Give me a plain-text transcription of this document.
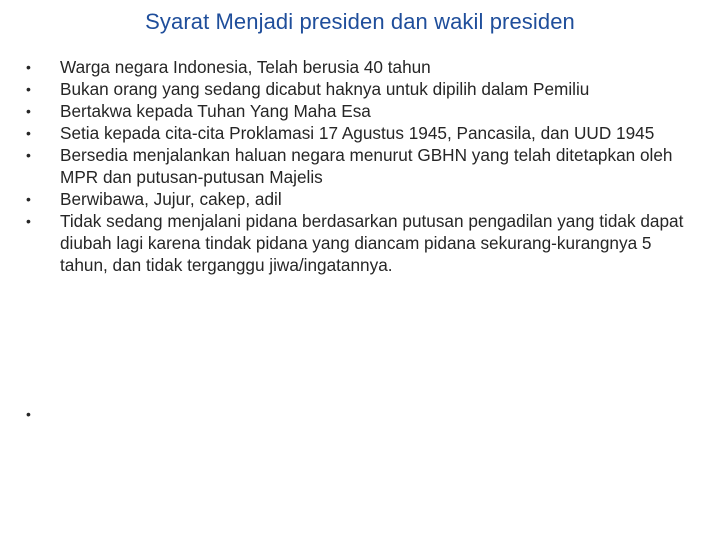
Syarat Menjadi presiden dan wakil presiden
•	Warga negara Indonesia, Telah berusia 40 tahun
•	Bukan orang yang sedang dicabut haknya untuk dipilih dalam Pemiliu
•	Bertakwa kepada Tuhan Yang Maha Esa
•	Setia kepada cita-cita Proklamasi 17 Agustus 1945, Pancasila, dan UUD 1945
•	Bersedia menjalankan haluan negara menurut GBHN yang telah ditetapkan oleh MPR dan putusan-putusan Majelis
•	Berwibawa, Jujur, cakep, adil
•	Tidak sedang menjalani pidana berdasarkan putusan pengadilan yang tidak dapat diubah lagi karena tindak pidana yang diancam pidana sekurang-kurangnya 5 tahun, dan tidak terganggu jiwa/ingatannya.
•
